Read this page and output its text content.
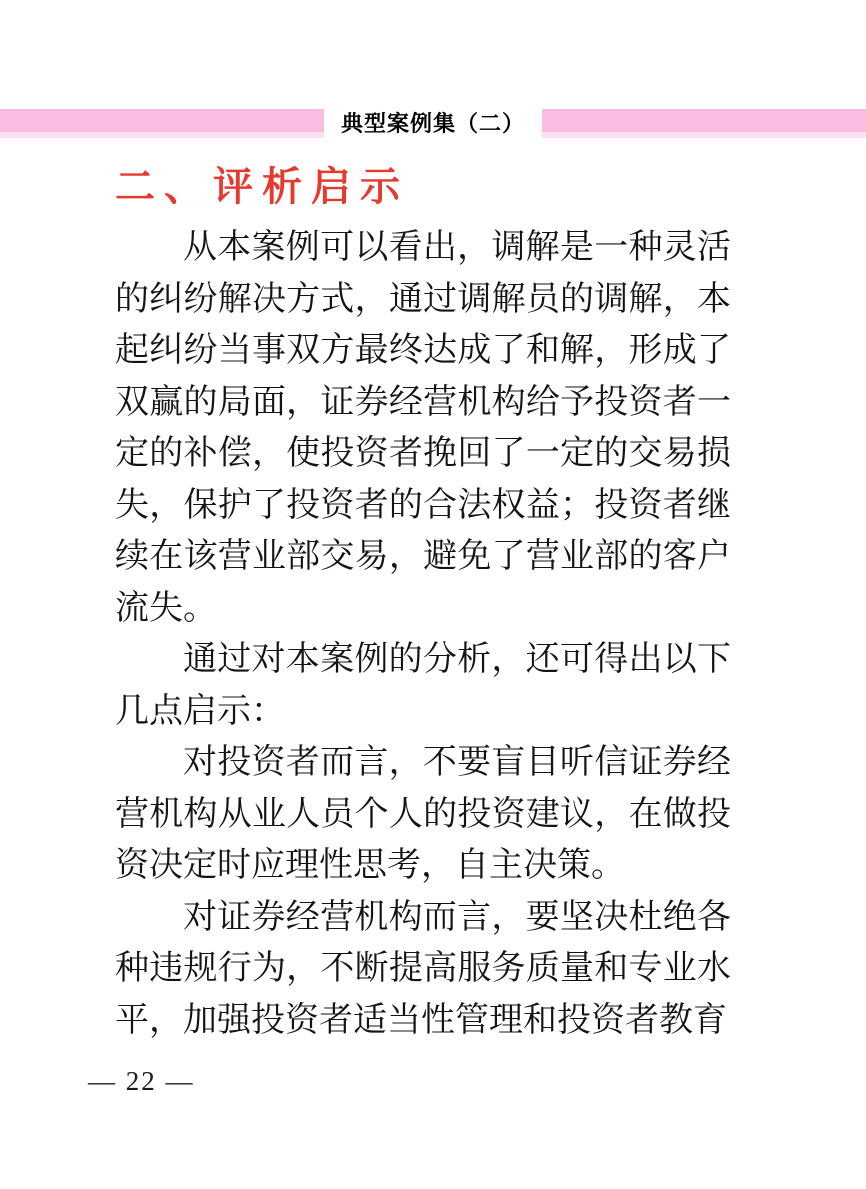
典型案例集（二）
二、评析启示

从本案例可以看出，调解是一种灵活的纠纷解决方式，通过调解员的调解，本起纠纷当事双方最终达成了和解，形成了双赢的局面，证券经营机构给予投资者一定的补偿，使投资者挽回了一定的交易损失，保护了投资者的合法权益；投资者继续在该营业部交易，避免了营业部的客户流失。

通过对本案例的分析，还可得出以下几点启示：

对投资者而言，不要盲目听信证券经营机构从业人员个人的投资建议，在做投资决定时应理性思考，自主决策。

对证券经营机构而言，要坚决杜绝各种违规行为，不断提高服务质量和专业水平，加强投资者适当性管理和投资者教育

— 22 —
